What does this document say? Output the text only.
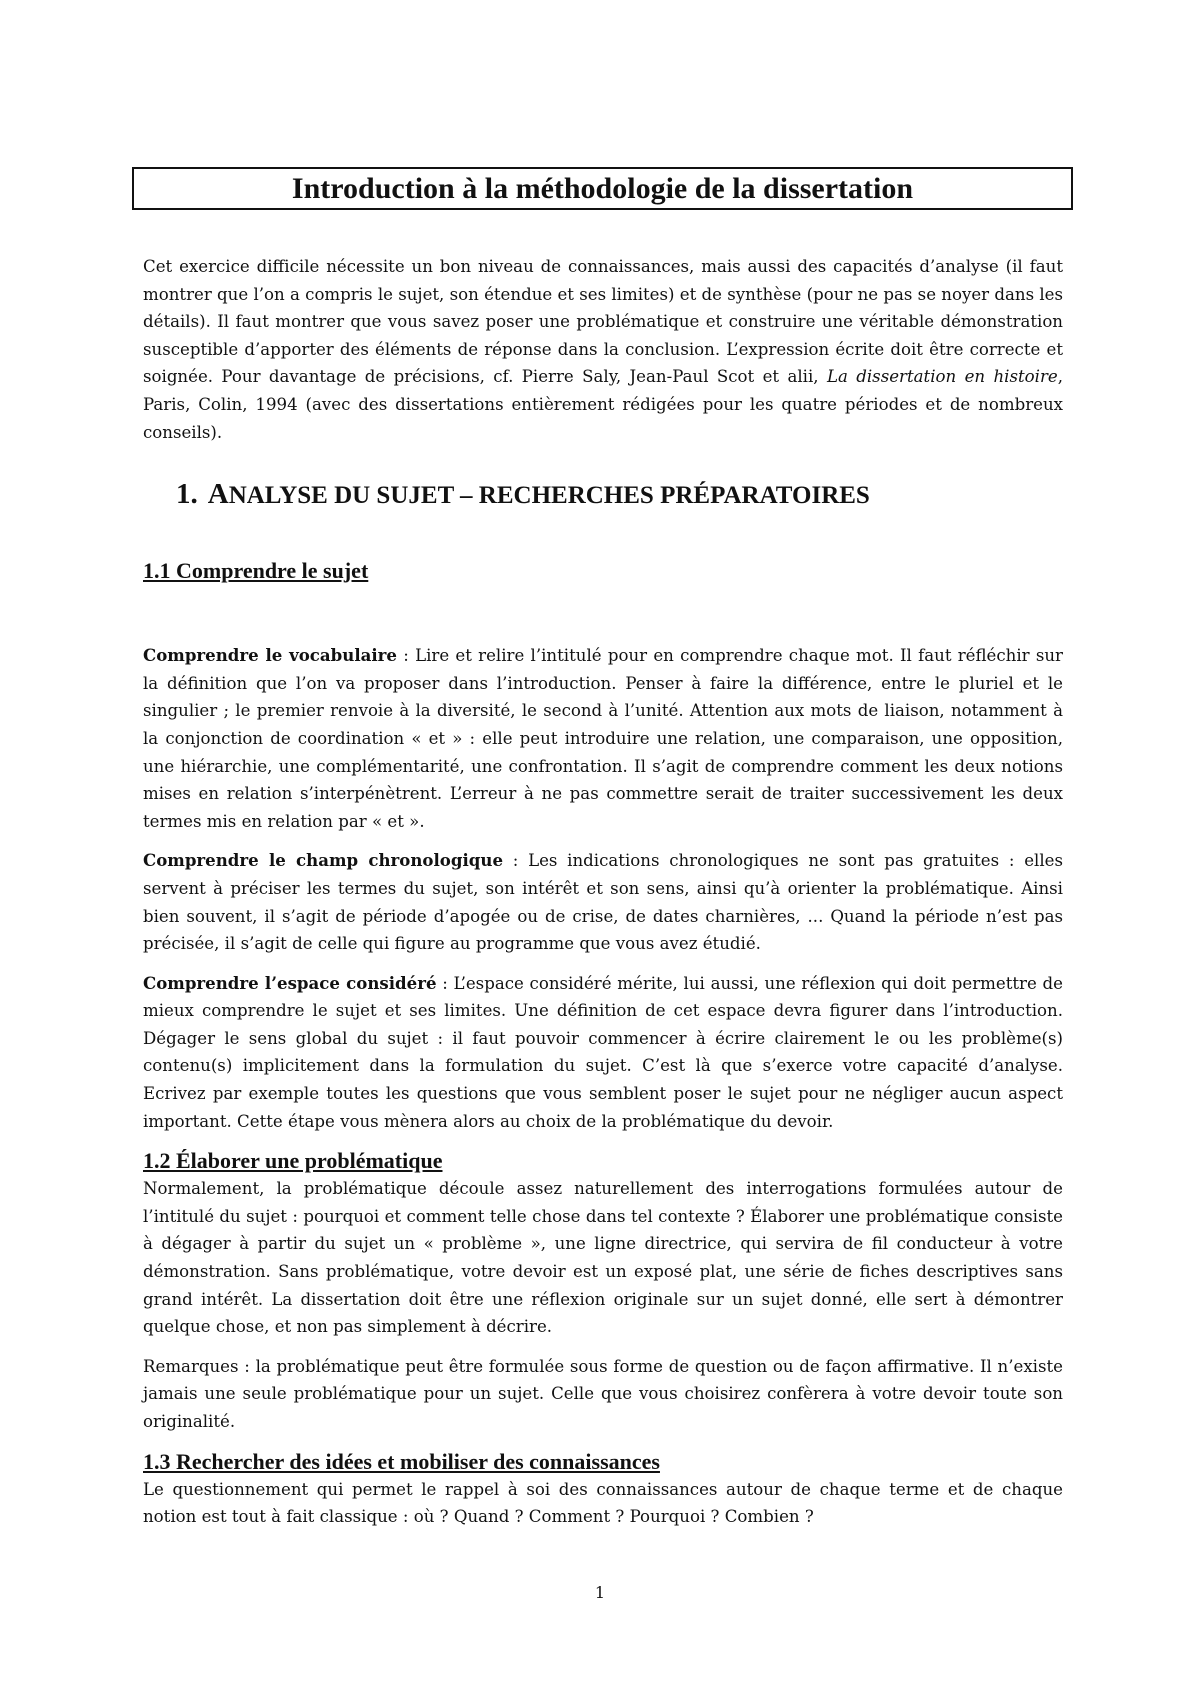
Introduction à la méthodologie de la dissertation

Cet exercice difficile nécessite un bon niveau de connaissances, mais aussi des capacités d’analyse (il faut montrer que l’on a compris le sujet, son étendue et ses limites) et de synthèse (pour ne pas se noyer dans les détails). Il faut montrer que vous savez poser une problématique et construire une véritable démonstration susceptible d’apporter des éléments de réponse dans la conclusion. L’expression écrite doit être correcte et soignée. Pour davantage de précisions, cf. Pierre Saly, Jean-Paul Scot et alii, La dissertation en histoire, Paris, Colin, 1994 (avec des dissertations entièrement rédigées pour les quatre périodes et de nombreux conseils).

1. ANALYSE DU SUJET – RECHERCHES PRÉPARATOIRES
1.1 Comprendre le sujet

Comprendre le vocabulaire : Lire et relire l’intitulé pour en comprendre chaque mot. Il faut réfléchir sur la définition que l’on va proposer dans l’introduction. Penser à faire la différence, entre le pluriel et le singulier ; le premier renvoie à la diversité, le second à l’unité. Attention aux mots de liaison, notamment à la conjonction de coordination « et » : elle peut introduire une relation, une comparaison, une opposition, une hiérarchie, une complémentarité, une confrontation. Il s’agit de comprendre comment les deux notions mises en relation s’interpénètrent. L’erreur à ne pas commettre serait de traiter successivement les deux termes mis en relation par « et ».

Comprendre le champ chronologique : Les indications chronologiques ne sont pas gratuites : elles servent à préciser les termes du sujet, son intérêt et son sens, ainsi qu’à orienter la problématique. Ainsi bien souvent, il s’agit de période d’apogée ou de crise, de dates charnières, ... Quand la période n’est pas précisée, il s’agit de celle qui figure au programme que vous avez étudié.

Comprendre l’espace considéré : L’espace considéré mérite, lui aussi, une réflexion qui doit permettre de mieux comprendre le sujet et ses limites. Une définition de cet espace devra figurer dans l’introduction. Dégager le sens global du sujet : il faut pouvoir commencer à écrire clairement le ou les problème(s) contenu(s) implicitement dans la formulation du sujet. C’est là que s’exerce votre capacité d’analyse. Ecrivez par exemple toutes les questions que vous semblent poser le sujet pour ne négliger aucun aspect important. Cette étape vous mènera alors au choix de la problématique du devoir.

1.2 Élaborer une problématique

Normalement, la problématique découle assez naturellement des interrogations formulées autour de l’intitulé du sujet : pourquoi et comment telle chose dans tel contexte ? Élaborer une problématique consiste à dégager à partir du sujet un « problème », une ligne directrice, qui servira de fil conducteur à votre démonstration. Sans problématique, votre devoir est un exposé plat, une série de fiches descriptives sans grand intérêt. La dissertation doit être une réflexion originale sur un sujet donné, elle sert à démontrer quelque chose, et non pas simplement à décrire.

Remarques : la problématique peut être formulée sous forme de question ou de façon affirmative. Il n’existe jamais une seule problématique pour un sujet. Celle que vous choisirez confèrera à votre devoir toute son originalité.

1.3 Rechercher des idées et mobiliser des connaissances

Le questionnement qui permet le rappel à soi des connaissances autour de chaque terme et de chaque notion est tout à fait classique : où ? Quand ? Comment ? Pourquoi ? Combien ?

1
